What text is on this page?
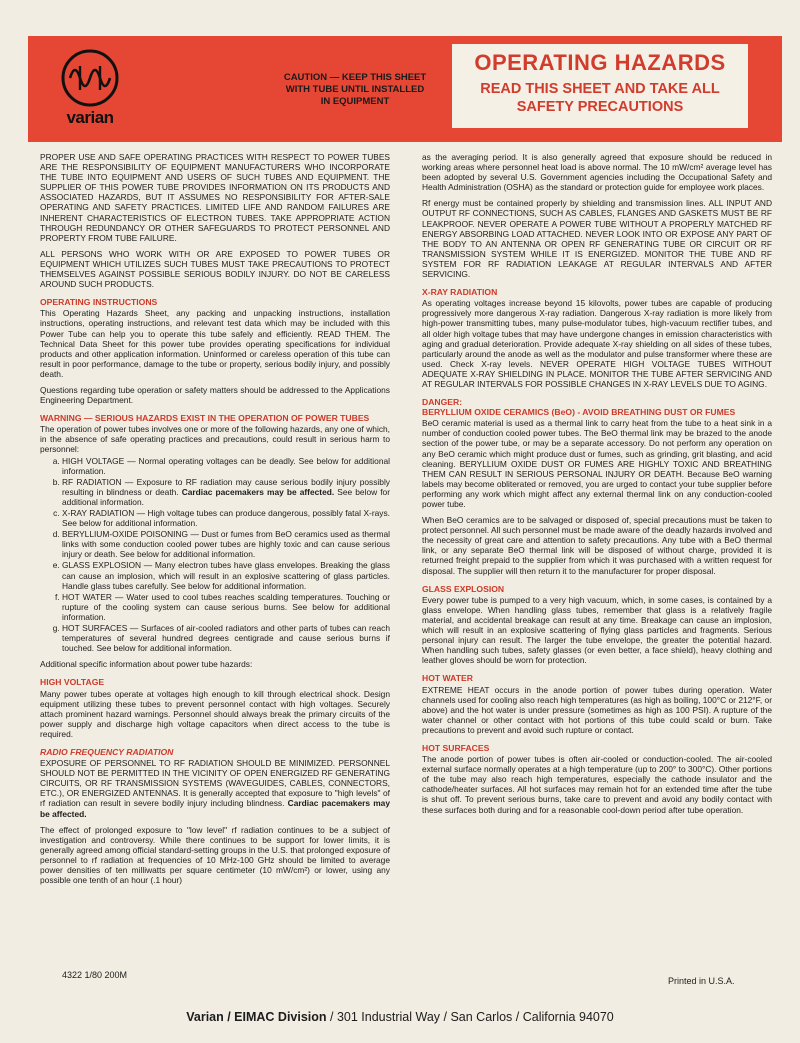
varian
CAUTION — KEEP THIS SHEET WITH TUBE UNTIL INSTALLED IN EQUIPMENT
OPERATING HAZARDS
READ THIS SHEET AND TAKE ALL SAFETY PRECAUTIONS

PROPER USE AND SAFE OPERATING PRACTICES WITH RESPECT TO POWER TUBES ARE THE RESPONSIBILITY OF EQUIPMENT MANUFACTURERS WHO INCORPORATE THE TUBE INTO EQUIPMENT AND USERS OF SUCH TUBES AND EQUIPMENT. THE SUPPLIER OF THIS POWER TUBE PROVIDES INFORMATION ON ITS PRODUCTS AND ASSOCIATED HAZARDS, BUT IT ASSUMES NO RESPONSIBILITY FOR AFTER-SALE OPERATING AND SAFETY PRACTICES. LIMITED LIFE AND RANDOM FAILURES ARE INHERENT CHARACTERISTICS OF ELECTRON TUBES. TAKE APPROPRIATE ACTION THROUGH REDUNDANCY OR OTHER SAFEGUARDS TO PROTECT PERSONNEL AND PROPERTY FROM TUBE FAILURE.

ALL PERSONS WHO WORK WITH OR ARE EXPOSED TO POWER TUBES OR EQUIPMENT WHICH UTILIZES SUCH TUBES MUST TAKE PRECAUTIONS TO PROTECT THEMSELVES AGAINST POSSIBLE SERIOUS BODILY INJURY. DO NOT BE CARELESS AROUND SUCH PRODUCTS.

OPERATING INSTRUCTIONS

This Operating Hazards Sheet, any packing and unpacking instructions, installation instructions, operating instructions, and relevant test data which may be included with this Power Tube can help you to operate this tube safely and efficiently. READ THEM. The Technical Data Sheet for this power tube provides operating specifications for individual products and other application information. Uninformed or careless operation of this tube can result in poor performance, damage to the tube or property, serious bodily injury, and possibly death.

Questions regarding tube operation or safety matters should be addressed to the Applications Engineering Department.

WARNING — SERIOUS HAZARDS EXIST IN THE OPERATION OF POWER TUBES

The operation of power tubes involves one or more of the following hazards, any one of which, in the absence of safe operating practices and precautions, could result in serious harm to personnel:

a. HIGH VOLTAGE — Normal operating voltages can be deadly. See below for additional information.
b. RF RADIATION — Exposure to RF radiation may cause serious bodily injury possibly resulting in blindness or death. Cardiac pacemakers may be affected. See below for additional information.
c. X-RAY RADIATION — High voltage tubes can produce dangerous, possibly fatal X-rays. See below for additional information.
d. BERYLLIUM-OXIDE POISONING — Dust or fumes from BeO ceramics used as thermal links with some conduction cooled power tubes are highly toxic and can cause serious injury or death. See below for additional information.
e. GLASS EXPLOSION — Many electron tubes have glass envelopes. Breaking the glass can cause an implosion, which will result in an explosive scattering of glass particles. Handle glass tubes carefully. See below for additional information.
f. HOT WATER — Water used to cool tubes reaches scalding temperatures. Touching or rupture of the cooling system can cause serious burns. See below for additional information.
g. HOT SURFACES — Surfaces of air-cooled radiators and other parts of tubes can reach temperatures of several hundred degrees centigrade and cause serious burns if touched. See below for additional information.

Additional specific information about power tube hazards:

HIGH VOLTAGE

Many power tubes operate at voltages high enough to kill through electrical shock. Design equipment utilizing these tubes to prevent personnel contact with high voltages. Securely attach prominent hazard warnings. Personnel should always break the primary circuits of the power supply and discharge high voltage capacitors when direct access to the tube is required.

RADIO FREQUENCY RADIATION

EXPOSURE OF PERSONNEL TO RF RADIATION SHOULD BE MINIMIZED. PERSONNEL SHOULD NOT BE PERMITTED IN THE VICINITY OF OPEN ENERGIZED RF GENERATING CIRCUITS, OR RF TRANSMISSION SYSTEMS (WAVEGUIDES, CABLES, CONNECTORS, ETC.), OR ENERGIZED ANTENNAS. It is generally accepted that exposure to "high levels" of rf radiation can result in severe bodily injury including blindness. Cardiac pacemakers may be affected.

The effect of prolonged exposure to "low level" rf radiation continues to be a subject of investigation and controversy. While there continues to be support for lower limits, it is generally agreed among official standard-setting groups in the U.S. that prolonged exposure of personnel to rf radiation at frequencies of 10 MHz-100 GHz should be limited to average power densities of ten milliwatts per square centimeter (10 mW/cm²) or lower, using any possible one tenth of an hour (.1 hour)

as the averaging period. It is also generally agreed that exposure should be reduced in working areas where personnel heat load is above normal. The 10 mW/cm² average level has been adopted by several U.S. Government agencies including the Occupational Safety and Health Administration (OSHA) as the standard or protection guide for employee work places.

Rf energy must be contained properly by shielding and transmission lines. ALL INPUT AND OUTPUT RF CONNECTIONS, SUCH AS CABLES, FLANGES AND GASKETS MUST BE RF LEAKPROOF. NEVER OPERATE A POWER TUBE WITHOUT A PROPERLY MATCHED RF ENERGY ABSORBING LOAD ATTACHED. NEVER LOOK INTO OR EXPOSE ANY PART OF THE BODY TO AN ANTENNA OR OPEN RF GENERATING TUBE OR CIRCUIT OR RF TRANSMISSION SYSTEM WHILE IT IS ENERGIZED. MONITOR THE TUBE AND RF SYSTEM FOR RF RADIATION LEAKAGE AT REGULAR INTERVALS AND AFTER SERVICING.

X-RAY RADIATION

As operating voltages increase beyond 15 kilovolts, power tubes are capable of producing progressively more dangerous X-ray radiation. Dangerous X-ray radiation is more likely from high-power transmitting tubes, many pulse-modulator tubes, high-vacuum rectifier tubes, and all older high voltage tubes that may have undergone changes in emission characteristics with aging and gradual deterioration. Provide adequate X-ray shielding on all sides of these tubes, particularly around the anode as well as the modulator and pulse transformer where these are used. Check X-ray levels. NEVER OPERATE HIGH VOLTAGE TUBES WITHOUT ADEQUATE X-RAY SHIELDING IN PLACE. MONITOR THE TUBE AFTER SERVICING AND AT REGULAR INTERVALS FOR POSSIBLE CHANGES IN X-RAY LEVELS DUE TO AGING.

DANGER:
BERYLLIUM OXIDE CERAMICS (BeO) - AVOID BREATHING DUST OR FUMES

BeO ceramic material is used as a thermal link to carry heat from the tube to a heat sink in a number of conduction cooled power tubes. The BeO thermal link may be brazed to the anode section of the power tube, or may be a separate accessory. Do not perform any operation on any BeO ceramic which might produce dust or fumes, such as grinding, grit blasting, and acid cleaning. BERYLLIUM OXIDE DUST OR FUMES ARE HIGHLY TOXIC AND BREATHING THEM CAN RESULT IN SERIOUS PERSONAL INJURY OR DEATH. Because BeO warning labels may become obliterated or removed, you are urged to contact your tube supplier before performing any work which might affect any external thermal link on any conduction-cooled power tube.

When BeO ceramics are to be salvaged or disposed of, special precautions must be taken to protect personnel. All such personnel must be made aware of the deadly hazards involved and the necessity of great care and attention to safety precautions. Any tube with a BeO thermal link, or any separate BeO thermal link will be disposed of without charge, provided it is returned freight prepaid to the supplier from which it was purchased with a written request for disposal. The supplier will then return it to the manufacturer for proper disposal.

GLASS EXPLOSION

Every power tube is pumped to a very high vacuum, which, in some cases, is contained by a glass envelope. When handling glass tubes, remember that glass is a relatively fragile material, and accidental breakage can result at any time. Breakage can cause an implosion, which will result in an explosive scattering of flying glass particles and fragments. Serious personal injury can result. The larger the tube envelope, the greater the potential hazard. When handling such tubes, safety glasses (or even better, a face shield), heavy clothing and leather gloves should be worn for protection.

HOT WATER

EXTREME HEAT occurs in the anode portion of power tubes during operation. Water channels used for cooling also reach high temperatures (as high as boiling, 100°C or 212°F, or above) and the hot water is under pressure (sometimes as high as 100 PSI). A rupture of the water channel or other contact with hot portions of this tube could scald or burn. Take precautions to prevent and avoid such rupture or contact.

HOT SURFACES

The anode portion of power tubes is often air-cooled or conduction-cooled. The air-cooled external surface normally operates at a high temperature (up to 200° to 300°C). Other portions of the tube may also reach high temperatures, especially the cathode insulator and the cathode/heater surfaces. All hot surfaces may remain hot for an extended time after the tube is shut off. To prevent serious burns, take care to prevent and avoid any bodily contact with these surfaces both during and for a reasonable cool-down period after tube operation.

4322 1/80 200M
Printed in U.S.A.
Varian / EIMAC Division / 301 Industrial Way / San Carlos / California 94070
